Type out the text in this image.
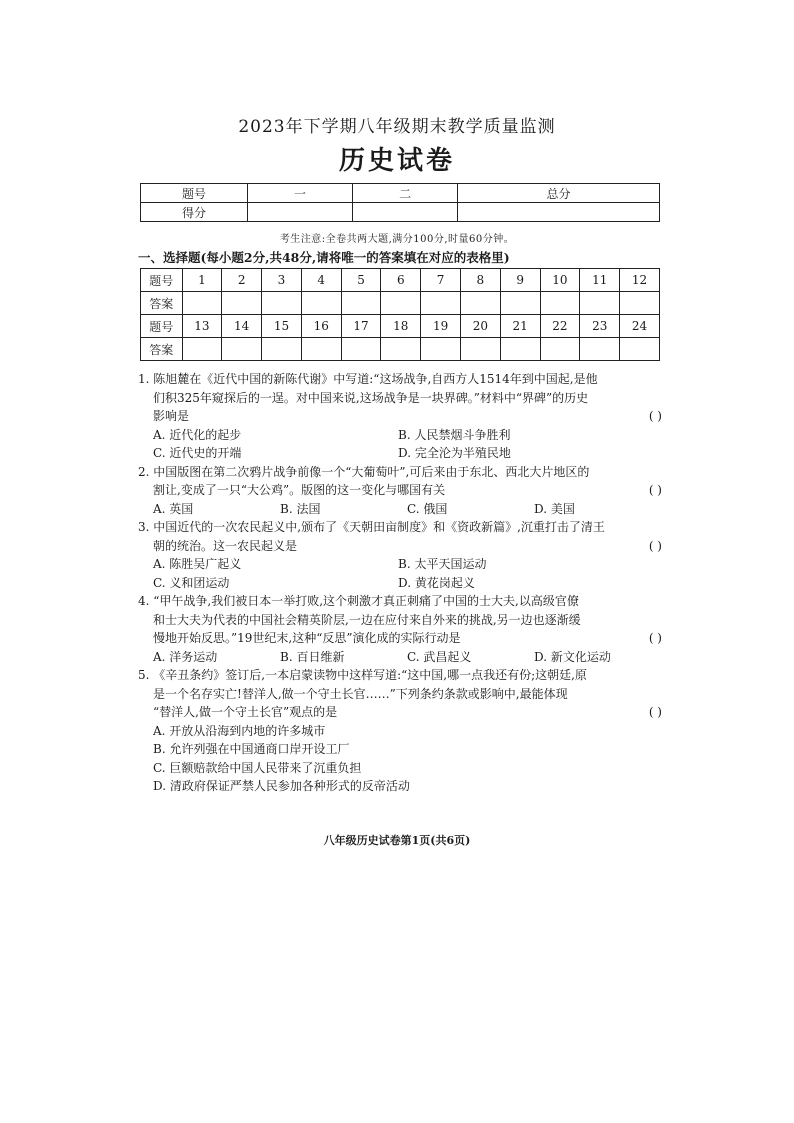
2023年下学期八年级期末教学质量监测
历史试卷
题号	一	二	总分
得分			
考生注意:全卷共两大题,满分100分,时量60分钟。
一、选择题(每小题2分,共48分,请将唯一的答案填在对应的表格里)
题号	1	2	3	4	5	6	7	8	9	10	11	12
答案												
题号	13	14	15	16	17	18	19	20	21	22	23	24
答案												
1. 陈旭麓在《近代中国的新陈代谢》中写道:“这场战争,自西方人1514年到中国起,是他
们积325年窥探后的一逞。对中国来说,这场战争是一块界碑。”材料中“界碑”的历史
影响是	( )
A. 近代化的起步	B. 人民禁烟斗争胜利
C. 近代史的开端	D. 完全沦为半殖民地
2. 中国版图在第二次鸦片战争前像一个“大葡萄叶”,可后来由于东北、西北大片地区的
割让,变成了一只“大公鸡”。版图的这一变化与哪国有关	( )
A. 英国	B. 法国	C. 俄国	D. 美国
3. 中国近代的一次农民起义中,颁布了《天朝田亩制度》和《资政新篇》,沉重打击了清王
朝的统治。这一农民起义是	( )
A. 陈胜吴广起义	B. 太平天国运动
C. 义和团运动	D. 黄花岗起义
4. “甲午战争,我们被日本一举打败,这个刺激才真正刺痛了中国的士大夫,以高级官僚
和士大夫为代表的中国社会精英阶层,一边在应付来自外来的挑战,另一边也逐渐缓
慢地开始反思。”19世纪末,这种“反思”演化成的实际行动是	( )
A. 洋务运动	B. 百日维新	C. 武昌起义	D. 新文化运动
5. 《辛丑条约》签订后,一本启蒙读物中这样写道:“这中国,哪一点我还有份;这朝廷,原
是一个名存实亡!替洋人,做一个守土长官……”下列条约条款或影响中,最能体现
“替洋人,做一个守土长官”观点的是	( )
A. 开放从沿海到内地的许多城市
B. 允许列强在中国通商口岸开设工厂
C. 巨额赔款给中国人民带来了沉重负担
D. 清政府保证严禁人民参加各种形式的反帝活动
八年级历史试卷第1页(共6页)
